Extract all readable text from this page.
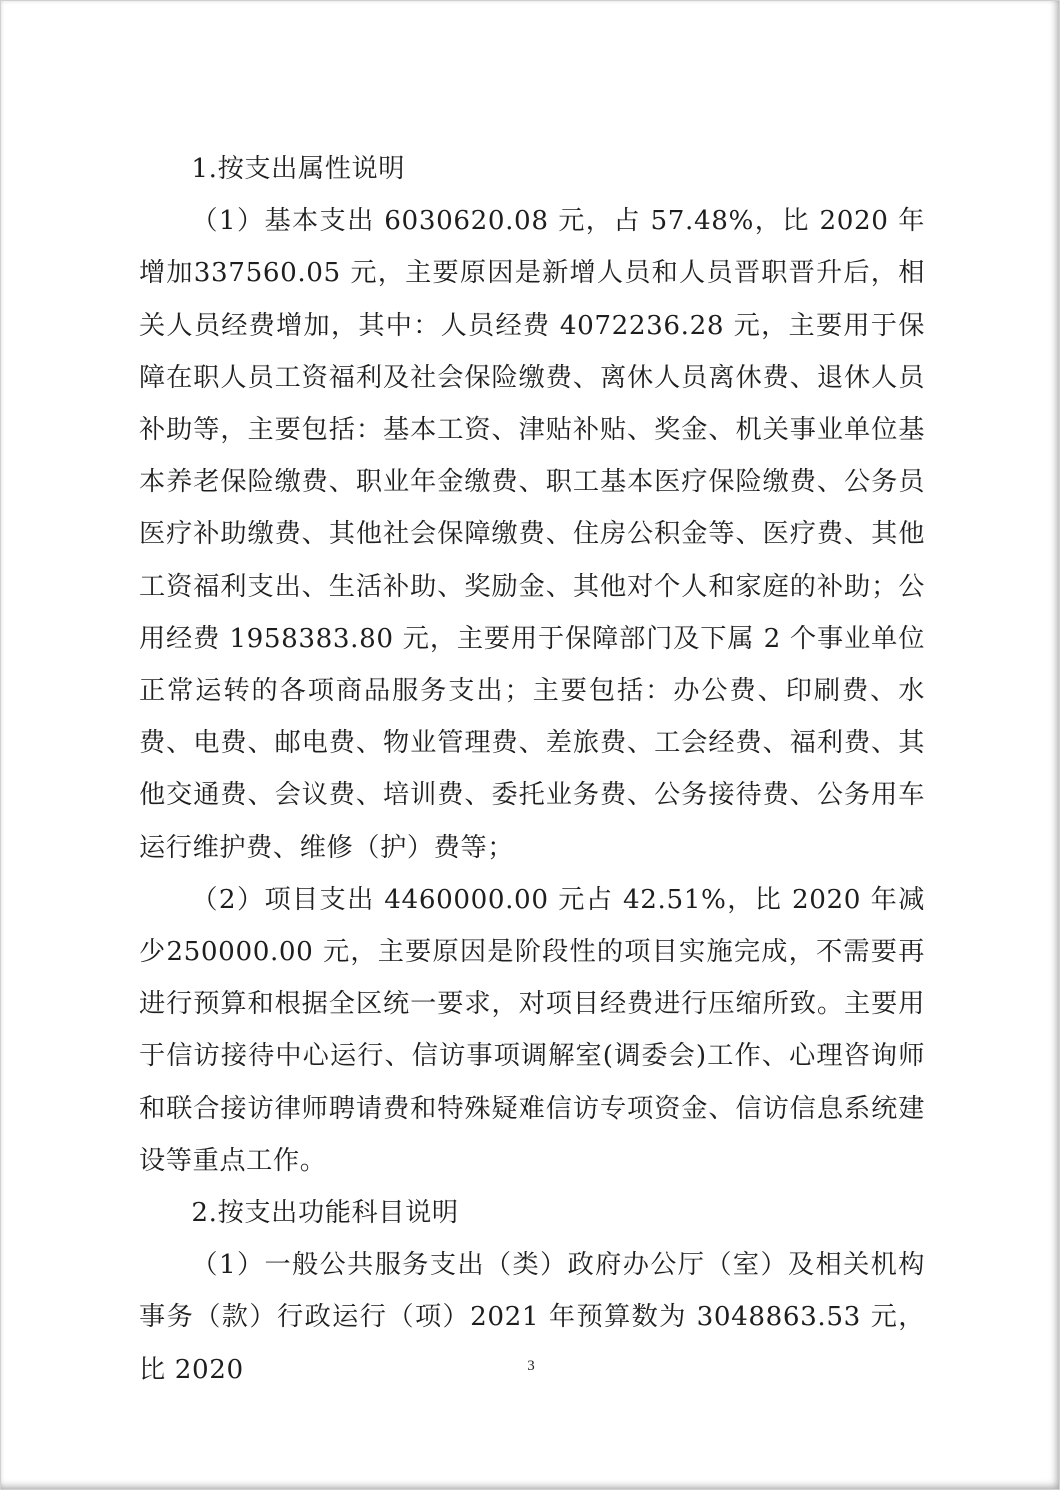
1.按支出属性说明

（1）基本支出 6030620.08 元，占 57.48%，比 2020 年增加337560.05 元，主要原因是新增人员和人员晋职晋升后，相关人员经费增加，其中：人员经费 4072236.28 元，主要用于保障在职人员工资福利及社会保险缴费、离休人员离休费、退休人员补助等，主要包括：基本工资、津贴补贴、奖金、机关事业单位基本养老保险缴费、职业年金缴费、职工基本医疗保险缴费、公务员医疗补助缴费、其他社会保障缴费、住房公积金等、医疗费、其他工资福利支出、生活补助、奖励金、其他对个人和家庭的补助；公用经费 1958383.80 元，主要用于保障部门及下属 2 个事业单位正常运转的各项商品服务支出；主要包括：办公费、印刷费、水费、电费、邮电费、物业管理费、差旅费、工会经费、福利费、其他交通费、会议费、培训费、委托业务费、公务接待费、公务用车运行维护费、维修（护）费等；

（2）项目支出 4460000.00 元占 42.51%，比 2020 年减少250000.00 元，主要原因是阶段性的项目实施完成，不需要再进行预算和根据全区统一要求，对项目经费进行压缩所致。主要用于信访接待中心运行、信访事项调解室(调委会)工作、心理咨询师和联合接访律师聘请费和特殊疑难信访专项资金、信访信息系统建设等重点工作。

2.按支出功能科目说明

（1）一般公共服务支出（类）政府办公厅（室）及相关机构事务（款）行政运行（项）2021 年预算数为 3048863.53 元，比 2020	3
